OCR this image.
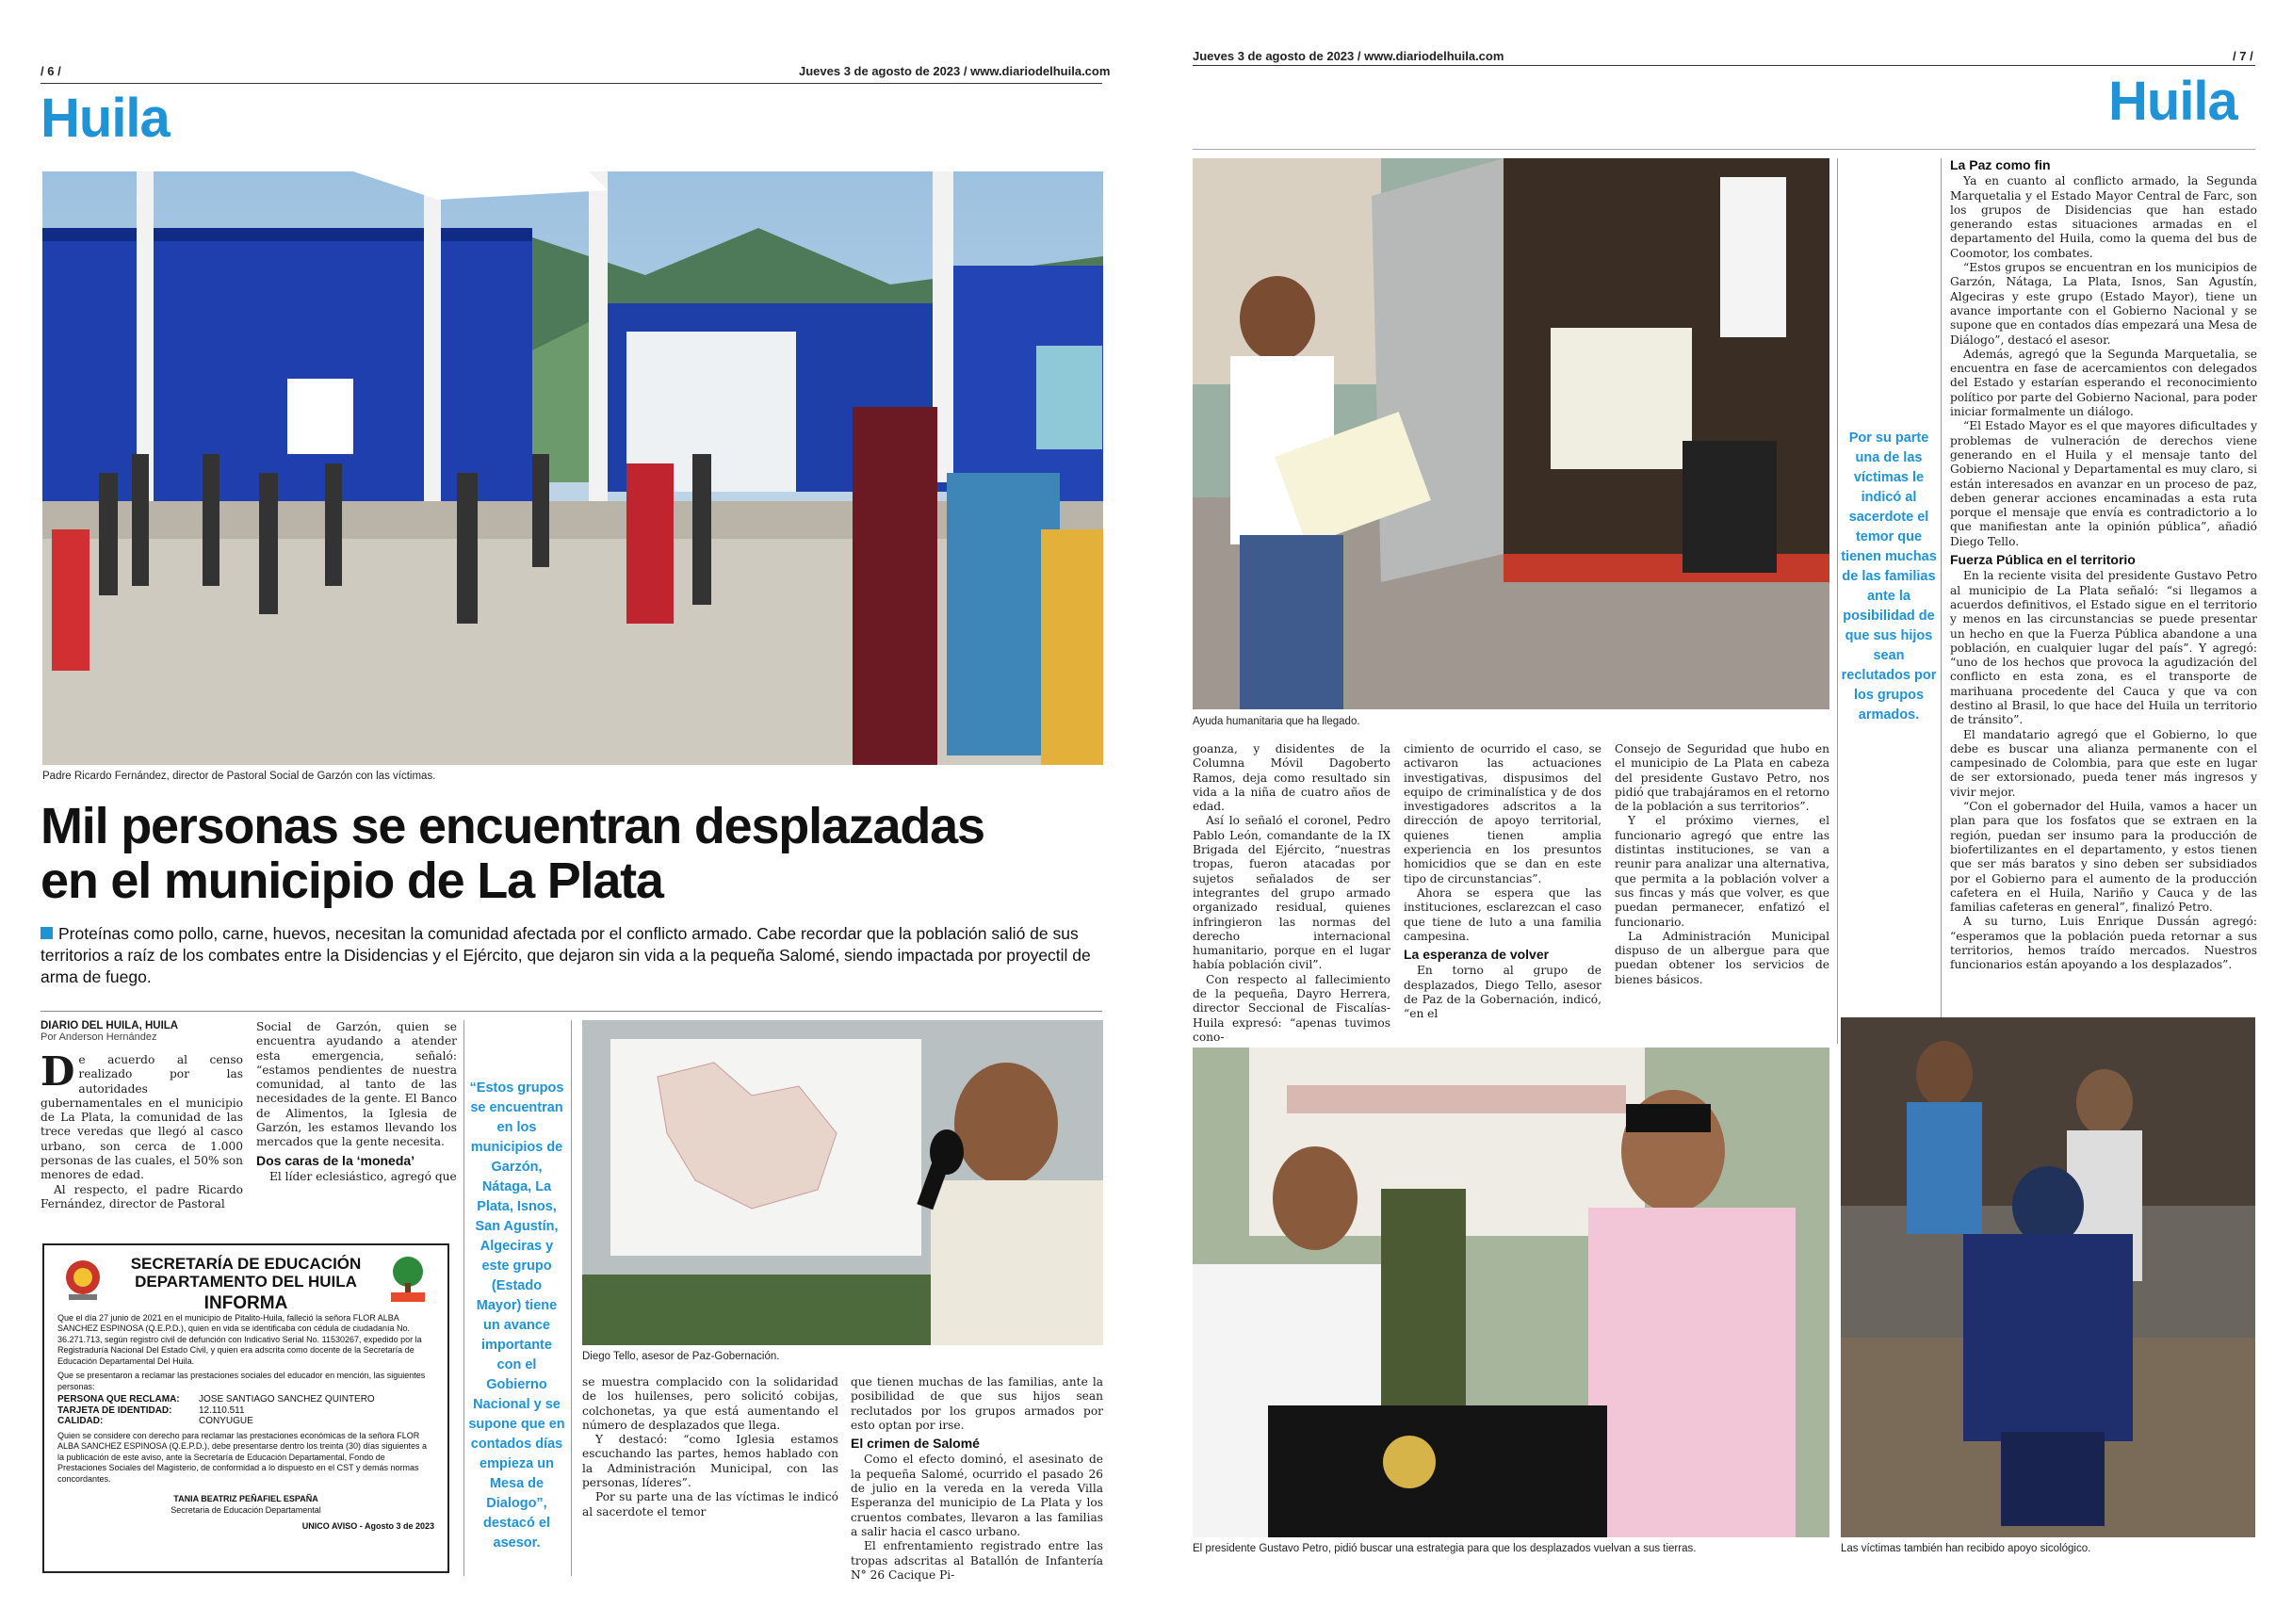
/ 6 /	Jueves 3 de agosto de 2023 / www.diariodelhuila.com
Huila
Padre Ricardo Fernández, director de Pastoral Social de Garzón con las víctimas.
Mil personas se encuentran desplazadas
en el municipio de La Plata
Proteínas como pollo, carne, huevos, necesitan la comunidad afectada por el conflicto armado. Cabe recordar que la población salió de sus territorios a raíz de los combates entre la Disidencias y el Ejército, que dejaron sin vida a la pequeña Salomé, siendo impactada por proyectil de arma de fuego.
DIARIO DEL HUILA, HUILA
Por Anderson Hernández
De acuerdo al censo realizado por las autoridades gubernamentales en el municipio de La Plata, la comunidad de las trece veredas que llegó al casco urbano, son cerca de 1.000 personas de las cuales, el 50% son menores de edad.

Al respecto, el padre Ricardo Fernández, director de Pastoral

Social de Garzón, quien se encuentra ayudando a atender esta emergencia, señaló: “estamos pendientes de nuestra comunidad, al tanto de las necesidades de la gente. El Banco de Alimentos, la Iglesia de Garzón, les estamos llevando los mercados que la gente necesita.
Dos caras de la ‘moneda’

El líder eclesiástico, agregó que

“Estos grupos se encuentran en los municipios de Garzón, Nátaga, La Plata, Isnos, San Agustín, Algeciras y este grupo (Estado Mayor) tiene un avance importante con el Gobierno Nacional y se supone que en contados días empieza un Mesa de Dialogo”, destacó el asesor.
Diego Tello, asesor de Paz-Gobernación.
se muestra complacido con la solidaridad de los huilenses, pero solicitó cobijas, colchonetas, ya que está aumentando el número de desplazados que llega.

Y destacó: “como Iglesia estamos escuchando las partes, hemos hablado con la Administración Municipal, con las personas, líderes”.

Por su parte una de las víctimas le indicó al sacerdote el temor

que tienen muchas de las familias, ante la posibilidad de que sus hijos sean reclutados por los grupos armados por esto optan por irse.
El crimen de Salomé

Como el efecto dominó, el asesinato de la pequeña Salomé, ocurrido el pasado 26 de julio en la vereda en la vereda Villa Esperanza del municipio de La Plata y los cruentos combates, llevaron a las familias a salir hacia el casco urbano.

El enfrentamiento registrado entre las tropas adscritas al Batallón de Infantería N° 26 Cacique Pi-

SECRETARÍA DE EDUCACIÓN
DEPARTAMENTO DEL HUILA
INFORMA
Que el día 27 junio de 2021 en el municipio de Pitalito-Huila, falleció la señora FLOR ALBA SANCHEZ ESPINOSA (Q.E.P.D.), quien en vida se identificaba con cédula de ciudadanía No. 36.271.713, según registro civil de defunción con Indicativo Serial No. 11530267, expedido por la Registraduría Nacional Del Estado Civil, y quien era adscrita como docente de la Secretaría de Educación Departamental Del Huila.
Que se presentaron a reclamar las prestaciones sociales del educador en mención, las siguientes personas:
PERSONA QUE RECLAMA:	JOSE SANTIAGO SANCHEZ QUINTERO
TARJETA DE IDENTIDAD:	12.110.511
CALIDAD:	CONYUGUE
Quien se considere con derecho para reclamar las prestaciones económicas de la señora FLOR ALBA SANCHEZ ESPINOSA (Q.E.P.D.), debe presentarse dentro los treinta (30) días siguientes a la publicación de este aviso, ante la Secretaría de Educación Departamental, Fondo de Prestaciones Sociales del Magisterio, de conformidad a lo dispuesto en el CST y demás normas concordantes.
TANIA BEATRIZ PEÑAFIEL ESPAÑA
Secretaria de Educación Departamental
UNICO AVISO - Agosto 3 de 2023
Jueves 3 de agosto de 2023 / www.diariodelhuila.com	/ 7 /
Huila
Ayuda humanitaria que ha llegado.
Por su parte una de las víctimas le indicó al sacerdote el temor que tienen muchas de las familias ante la posibilidad de que sus hijos sean reclutados por los grupos armados.
goanza, y disidentes de la Columna Móvil Dagoberto Ramos, deja como resultado sin vida a la niña de cuatro años de edad.

Así lo señaló el coronel, Pedro Pablo León, comandante de la IX Brigada del Ejército, “nuestras tropas, fueron atacadas por sujetos señalados de ser integrantes del grupo armado organizado residual, quienes infringieron las normas del derecho internacional humanitario, porque en el lugar había población civil”.

Con respecto al fallecimiento de la pequeña, Dayro Herrera, director Seccional de Fiscalías-Huila expresó: “apenas tuvimos cono-

cimiento de ocurrido el caso, se activaron las actuaciones investigativas, dispusimos del equipo de criminalística y de dos investigadores adscritos a la dirección de apoyo territorial, quienes tienen amplia experiencia en los presuntos homicidios que se dan en este tipo de circunstancias”.

Ahora se espera que las instituciones, esclarezcan el caso que tiene de luto a una familia campesina.

La esperanza de volver

En torno al grupo de desplazados, Diego Tello, asesor de Paz de la Gobernación, indicó, “en el

Consejo de Seguridad que hubo en el municipio de La Plata en cabeza del presidente Gustavo Petro, nos pidió que trabajáramos en el retorno de la población a sus territorios”.

Y el próximo viernes, el funcionario agregó que entre las distintas instituciones, se van a reunir para analizar una alternativa, que permita a la población volver a sus fincas y más que volver, es que puedan permanecer, enfatizó el funcionario.

La Administración Municipal dispuso de un albergue para que puedan obtener los servicios de bienes básicos.

La Paz como fin

Ya en cuanto al conflicto armado, la Segunda Marquetalia y el Estado Mayor Central de Farc, son los grupos de Disidencias que han estado generando estas situaciones armadas en el departamento del Huila, como la quema del bus de Coomotor, los combates.

“Estos grupos se encuentran en los municipios de Garzón, Nátaga, La Plata, Isnos, San Agustín, Algeciras y este grupo (Estado Mayor), tiene un avance importante con el Gobierno Nacional y se supone que en contados días empezará una Mesa de Diálogo”, destacó el asesor.

Además, agregó que la Segunda Marquetalia, se encuentra en fase de acercamientos con delegados del Estado y estarían esperando el reconocimiento político por parte del Gobierno Nacional, para poder iniciar formalmente un diálogo.

“El Estado Mayor es el que mayores dificultades y problemas de vulneración de derechos viene generando en el Huila y el mensaje tanto del Gobierno Nacional y Departamental es muy claro, si están interesados en avanzar en un proceso de paz, deben generar acciones encaminadas a esta ruta porque el mensaje que envía es contradictorio a lo que manifiestan ante la opinión pública”, añadió Diego Tello.

Fuerza Pública en el territorio

En la reciente visita del presidente Gustavo Petro al municipio de La Plata señaló: “si llegamos a acuerdos definitivos, el Estado sigue en el territorio y menos en las circunstancias se puede presentar un hecho en que la Fuerza Pública abandone a una población, en cualquier lugar del país”. Y agregó: “uno de los hechos que provoca la agudización del conflicto en esta zona, es el transporte de marihuana procedente del Cauca y que va con destino al Brasil, lo que hace del Huila un territorio de tránsito”.

El mandatario agregó que el Gobierno, lo que debe es buscar una alianza permanente con el campesinado de Colombia, para que este en lugar de ser extorsionado, pueda tener más ingresos y vivir mejor.

“Con el gobernador del Huila, vamos a hacer un plan para que los fosfatos que se extraen en la región, puedan ser insumo para la producción de biofertilizantes en el departamento, y estos tienen que ser más baratos y sino deben ser subsidiados por el Gobierno para el aumento de la producción cafetera en el Huila, Nariño y Cauca y de las familias cafeteras en general”, finalizó Petro.

A su turno, Luis Enrique Dussán agregó: “esperamos que la población pueda retornar a sus territorios, hemos traído mercados. Nuestros funcionarios están apoyando a los desplazados”.

El presidente Gustavo Petro, pidió buscar una estrategia para que los desplazados vuelvan a sus tierras.	Las víctimas también han recibido apoyo sicológico.
